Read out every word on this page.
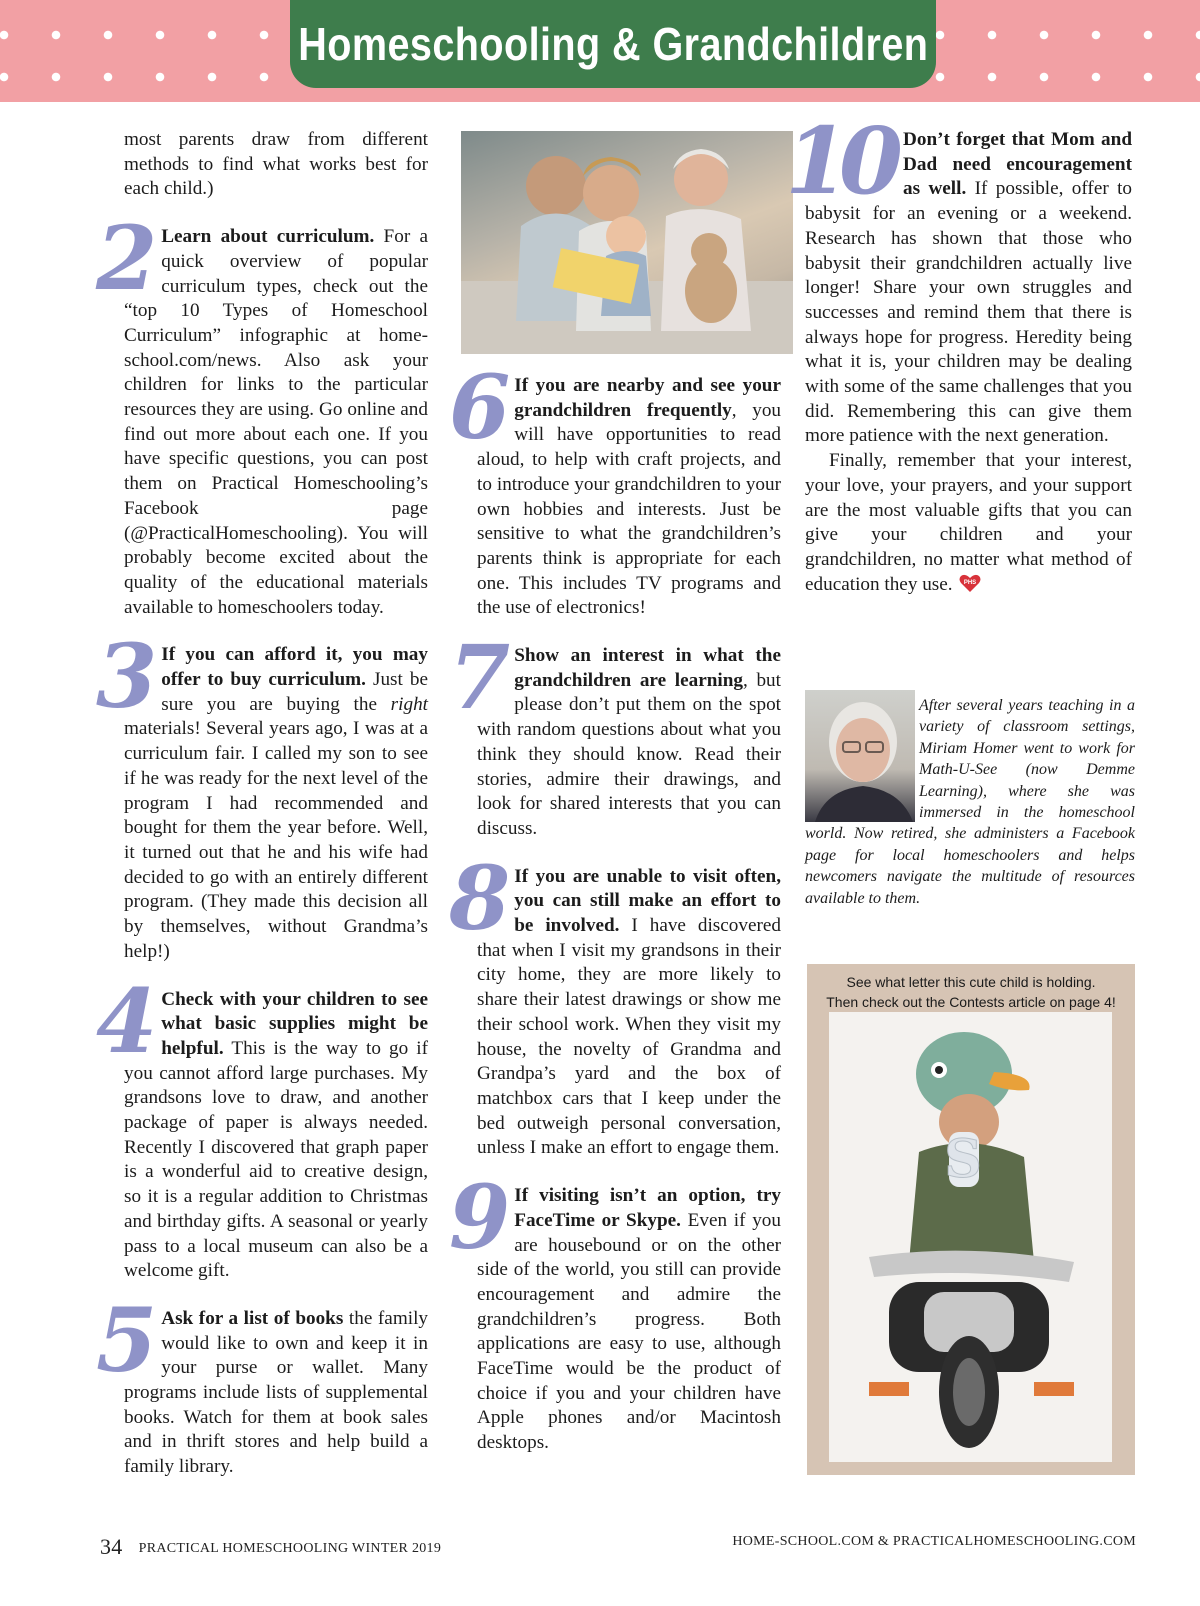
Homeschooling & Grandchildren

most parents draw from different methods to find what works best for each child.)

2 Learn about curriculum. For a quick overview of popular curriculum types, check out the “top 10 Types of Homeschool Curriculum” infographic at home-school.com/news. Also ask your children for links to the particular resources they are using. Go online and find out more about each one. If you have specific questions, you can post them on Practical Homeschooling’s Facebook page (@PracticalHomeschooling). You will probably become excited about the quality of the educational materials available to homeschoolers today.
3 If you can afford it, you may offer to buy curriculum. Just be sure you are buying the right materials! Several years ago, I was at a curriculum fair. I called my son to see if he was ready for the next level of the program I had recommended and bought for them the year before. Well, it turned out that he and his wife had decided to go with an entirely different program. (They made this decision all by themselves, without Grandma’s help!)
4 Check with your children to see what basic supplies might be helpful. This is the way to go if you cannot afford large purchases. My grandsons love to draw, and another package of paper is always needed. Recently I discovered that graph paper is a wonderful aid to creative design, so it is a regular addition to Christmas and birthday gifts. A seasonal or yearly pass to a local museum can also be a welcome gift.
5 Ask for a list of books the family would like to own and keep it in your purse or wallet. Many programs include lists of supplemental books. Watch for them at book sales and in thrift stores and help build a family library.
6 If you are nearby and see your grandchildren frequently, you will have opportunities to read aloud, to help with craft projects, and to introduce your grandchildren to your own hobbies and interests. Just be sensitive to what the grandchildren’s parents think is appropriate for each one. This includes TV programs and the use of electronics!
7 Show an interest in what the grandchildren are learning, but please don’t put them on the spot with random questions about what you think they should know. Read their stories, admire their drawings, and look for shared interests that you can discuss.
8 If you are unable to visit often, you can still make an effort to be involved. I have discovered that when I visit my grandsons in their city home, they are more likely to share their latest drawings or show me their school work. When they visit my house, the novelty of Grandma and Grandpa’s yard and the box of matchbox cars that I keep under the bed outweigh personal conversation, unless I make an effort to engage them.
9 If visiting isn’t an option, try FaceTime or Skype. Even if you are housebound or on the other side of the world, you still can provide encouragement and admire the grandchildren’s progress. Both applications are easy to use, although FaceTime would be the product of choice if you and your children have Apple phones and/or Macintosh desktops.
10 Don’t forget that Mom and Dad need encouragement as well. If possible, offer to babysit for an evening or a weekend. Research has shown that those who babysit their grandchildren actually live longer! Share your own struggles and successes and remind them that there is always hope for progress. Heredity being what it is, your children may be dealing with some of the same challenges that you did. Remembering this can give them more patience with the next generation.

Finally, remember that your interest, your love, your prayers, and your support are the most valuable gifts that you can give your children and your grandchildren, no matter what method of education they use. PHS

After several years teaching in a variety of classroom settings, Miriam Homer went to work for Math-U-See (now Demme Learning), where she was immersed in the homeschool world. Now retired, she administers a Facebook page for local homeschoolers and helps newcomers navigate the multitude of resources available to them.
See what letter this cute child is holding.
Then check out the Contests article on page 4!
S
34 PRACTICAL HOMESCHOOLING WINTER 2019	HOME-SCHOOL.COM & PRACTICALHOMESCHOOLING.COM
